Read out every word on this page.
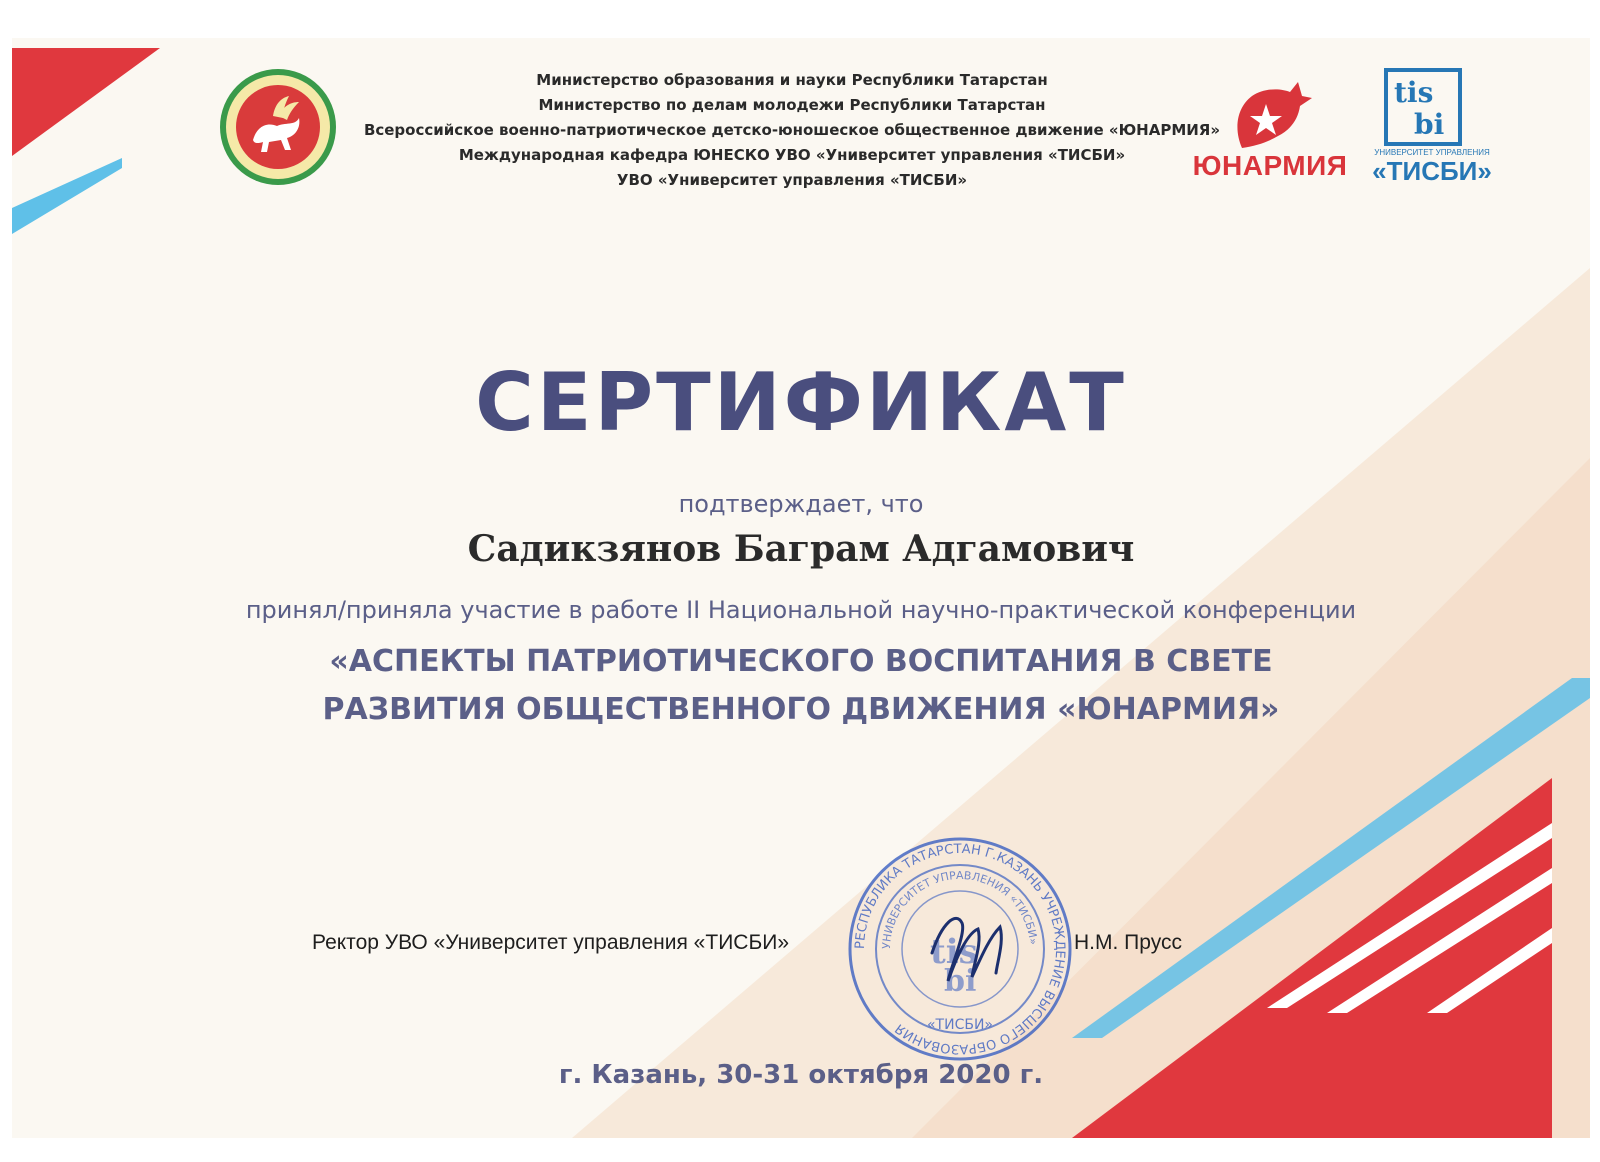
Министерство образования и науки Республики Татарстан
Министерство по делам молодежи Республики Татарстан
Всероссийское военно-патриотическое детско-юношеское общественное движение «ЮНАРМИЯ»
Международная кафедра ЮНЕСКО УВО «Университет управления «ТИСБИ»
УВО «Университет управления «ТИСБИ»	ЮНАРМИЯ
tis
bi
УНИВЕРСИТЕТ УПРАВЛЕНИЯ
«ТИСБИ»
СЕРТИФИКАТ
подтверждает, что
Садикзянов Баграм Адгамович
принял/приняла участие в работе II Национальной научно-практической конференции
«АСПЕКТЫ ПАТРИОТИЧЕСКОГО ВОСПИТАНИЯ В СВЕТЕ
РАЗВИТИЯ ОБЩЕСТВЕННОГО ДВИЖЕНИЯ «ЮНАРМИЯ»
Ректор УВО «Университет управления «ТИСБИ»	Н.М. Прусс
РЕСПУБЛИКА ТАТАРСТАН Г.КАЗАНЬ УЧРЕЖДЕНИЕ ВЫСШЕГО ОБРАЗОВАНИЯ
УНИВЕРСИТЕТ УПРАВЛЕНИЯ «ТИСБИ»
tis
bi
«ТИСБИ»
г. Казань, 30-31 октября 2020 г.
